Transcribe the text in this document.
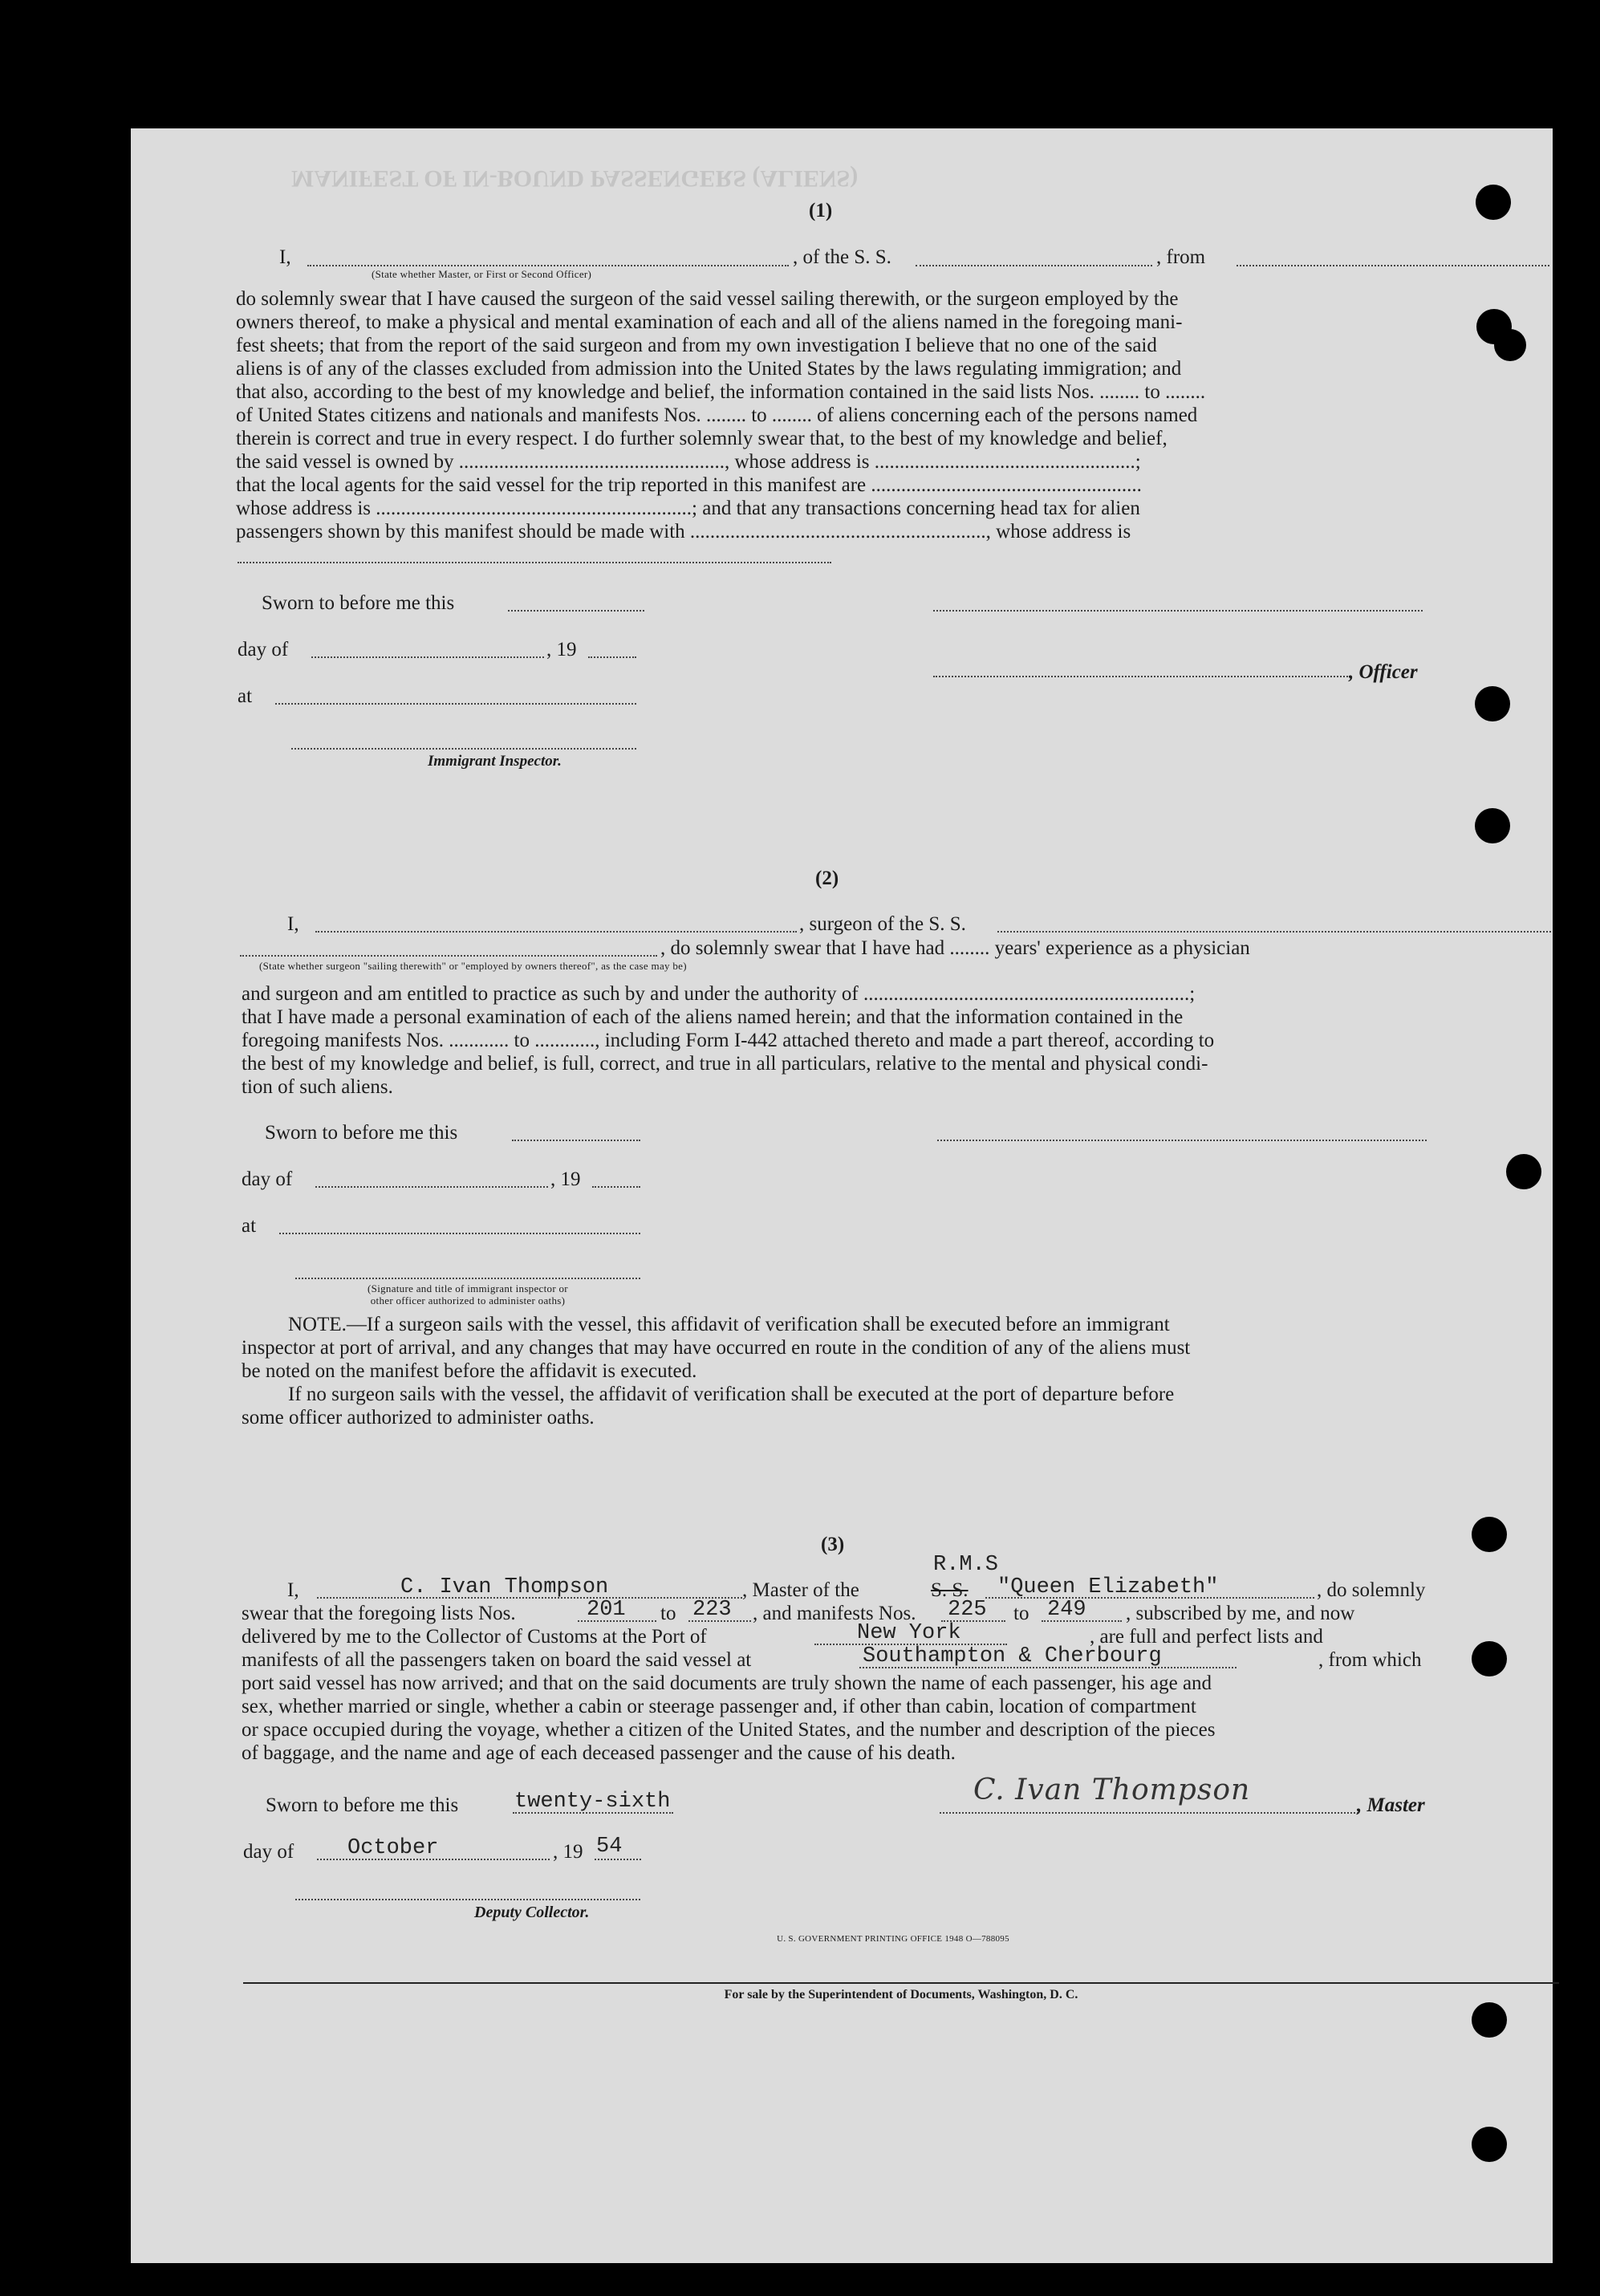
MANIFEST OF IN-BOUND PASSENGERS (ALIENS)
(1)
I,	, of the S. S.	, from
(State whether Master, or First or Second Officer)
do solemnly swear that I have caused the surgeon of the said vessel sailing therewith, or the surgeon employed by the
owners thereof, to make a physical and mental examination of each and all of the aliens named in the foregoing mani-
fest sheets; that from the report of the said surgeon and from my own investigation I believe that no one of the said
aliens is of any of the classes excluded from admission into the United States by the laws regulating immigration; and
that also, according to the best of my knowledge and belief, the information contained in the said lists Nos. ........ to ........
of United States citizens and nationals and manifests Nos. ........ to ........ of aliens concerning each of the persons named
therein is correct and true in every respect. I do further solemnly swear that, to the best of my knowledge and belief,
the said vessel is owned by ....................................................., whose address is ....................................................;
that the local agents for the said vessel for the trip reported in this manifest are ......................................................
whose address is ...............................................................; and that any transactions concerning head tax for alien
passengers shown by this manifest should be made with ..........................................................., whose address is
Sworn to before me this
day of	, 19
, Officer
at
Immigrant Inspector.
(2)
I,	, surgeon of the S. S.
, do solemnly swear that I have had ........ years' experience as a physician
(State whether surgeon "sailing therewith" or "employed by owners thereof", as the case may be)
and surgeon and am entitled to practice as such by and under the authority of .................................................................;
that I have made a personal examination of each of the aliens named herein; and that the information contained in the
foregoing manifests Nos. ............ to ............, including Form I-442 attached thereto and made a part thereof, according to
the best of my knowledge and belief, is full, correct, and true in all particulars, relative to the mental and physical condi-
tion of such aliens.
Sworn to before me this
day of	, 19
at
(Signature and title of immigrant inspector or
other officer authorized to administer oaths)
NOTE.—If a surgeon sails with the vessel, this affidavit of verification shall be executed before an immigrant
inspector at port of arrival, and any changes that may have occurred en route in the condition of any of the aliens must
be noted on the manifest before the affidavit is executed.
If no surgeon sails with the vessel, the affidavit of verification shall be executed at the port of departure before
some officer authorized to administer oaths.
(3)
R.M.S
I,	C. Ivan Thompson	, Master of the	S. S. "Queen Elizabeth"	, do solemnly
swear that the foregoing lists Nos.	201 to 223 , and manifests Nos. 225 to 249 , subscribed by me, and now
delivered by me to the Collector of Customs at the Port of	New York	, are full and perfect lists and
manifests of all the passengers taken on board the said vessel at	Southampton & Cherbourg	, from which
port said vessel has now arrived; and that on the said documents are truly shown the name of each passenger, his age and
sex, whether married or single, whether a cabin or steerage passenger and, if other than cabin, location of compartment
or space occupied during the voyage, whether a citizen of the United States, and the number and description of the pieces
of baggage, and the name and age of each deceased passenger and the cause of his death.
Sworn to before me this	twenty-sixth	C. Ivan Thompson	, Master
day of October	, 19 54
Deputy Collector.
U. S. GOVERNMENT PRINTING OFFICE 1948 O—788095
For sale by the Superintendent of Documents, Washington, D. C.
